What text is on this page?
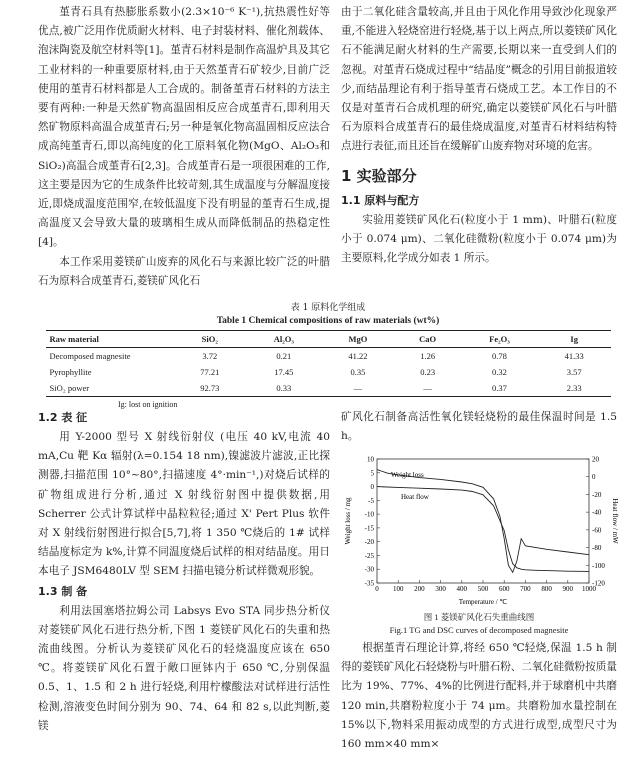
堇青石具有热膨胀系数小(2.3×10⁻⁶ K⁻¹),抗热震性好等优点,被广泛用作优质耐火材料、电子封装材料、催化剂载体、泡沫陶瓷及航空材料等[1]。堇青石材料是制作高温炉具及其它工业材料的一种重要原材料,由于天然堇青石矿较少,目前广泛使用的堇青石材料都是人工合成的。制备堇青石材料的方法主要有两种:一种是天然矿物高温固相反应合成堇青石,即利用天然矿物原料高温合成堇青石;另一种是氧化物高温固相反应法合成高纯堇青石,即以高纯度的化工原料氧化物(MgO、Al₂O₃和SiO₂)高温合成堇青石[2,3]。合成堇青石是一项很困难的工作,这主要是因为它的生成条件比较苛刻,其生成温度与分解温度接近,即烧成温度范围窄,在较低温度下没有明显的堇青石生成,提高温度又会导致大量的玻璃相生成从而降低制品的热稳定性[4]。

本工作采用菱镁矿山废弃的风化石与来源比较广泛的叶腊石为原料合成堇青石,菱镁矿风化石

由于二氧化硅含量较高,并且由于风化作用导致沙化现象严重,不能进入轻烧窑进行轻烧,基于以上两点,所以菱镁矿风化石不能满足耐火材料的生产需要,长期以来一直受到人们的忽视。对堇青石烧成过程中“结晶度”概念的引用目前报道较少,而结晶理论有利于指导堇青石烧成工艺。本工作目的不仅是对堇青石合成机理的研究,确定以菱镁矿风化石与叶腊石为原料合成堇青石的最佳烧成温度,对堇青石材料结构特点进行表征,而且还旨在缓解矿山废弃物对环境的危害。

1 实验部分
1.1 原料与配方

实验用菱镁矿风化石(粒度小于 1 mm)、叶腊石(粒度小于 0.074 μm)、二氧化硅微粉(粒度小于 0.074 μm)为主要原料,化学成分如表 1 所示。

表 1 原料化学组成
Table 1 Chemical compositions of raw materials (wt%)
Raw material	SiO₂	Al₂O₃	MgO	CaO	Fe₂O₃	Ig
Decomposed magnesite	3.72	0.21	41.22	1.26	0.78	41.33
Pyrophyllite	77.21	17.45	0.35	0.23	0.32	3.57
SiO₂ power	92.73	0.33	—	—	0.37	2.33
Ig: lost on ignition
1.2 表 征

用 Y-2000 型号 X 射线衍射仪 (电压 40 kV,电流 40 mA,Cu 靶 Kα 辐射(λ=0.154 18 nm),镍滤波片滤波,正比探测器,扫描范围 10°~80°,扫描速度 4°·min⁻¹,)对烧后试样的矿物组成进行分析,通过 X 射线衍射图中提供数据,用 Scherrer 公式计算试样中晶粒粒径;通过 X' Pert Plus 软件对 X 射线衍射图进行拟合[5,7],将 1 350 ℃烧后的 1# 试样结晶度标定为 k%,计算不同温度烧后试样的相对结晶度。用日本电子 JSM6480LV 型 SEM 扫描电镜分析试样微观形貌。

1.3 制 备

利用法国塞塔拉姆公司 Labsys Evo STA 同步热分析仪对菱镁矿风化石进行热分析,下图 1 菱镁矿风化石的失重和热流曲线图。分析认为菱镁矿风化石的轻烧温度应该在 650 ℃。将菱镁矿风化石置于敞口匣钵内于 650 ℃,分别保温 0.5、1、1.5 和 2 h 进行轻烧,利用柠檬酸法对试样进行活性检测,溶液变色时间分别为 90、74、64 和 82 s,以此判断,菱镁

矿风化石制备高活性氧化镁轻烧粉的最佳保温时间是 1.5 h。

0 100 200 300 400 500 600 700 800 900 1000
10
5
0
-5
-10
-15
-20
-25
-30
-35
20
0
-20
-40
-60
-80
-100
-120
Weight loss
Heat flow
Temperature / ℃
Weight loss / mg	Heat flow / mW
图 1 菱镁矿风化石失重曲线图
Fig.1 TG and DSC curves of decomposed magnesite

根据堇青石理论计算,将经 650 ℃轻烧,保温 1.5 h 制得的菱镁矿风化石轻烧粉与叶腊石粉、二氧化硅微粉按质量比为 19%、77%、4%的比例进行配料,并于球磨机中共磨 120 min,共磨粉粒度小于 74 μm。共磨粉加水量控制在 15%以下,物料采用振动成型的方式进行成型,成型尺寸为 160 mm×40 mm×
